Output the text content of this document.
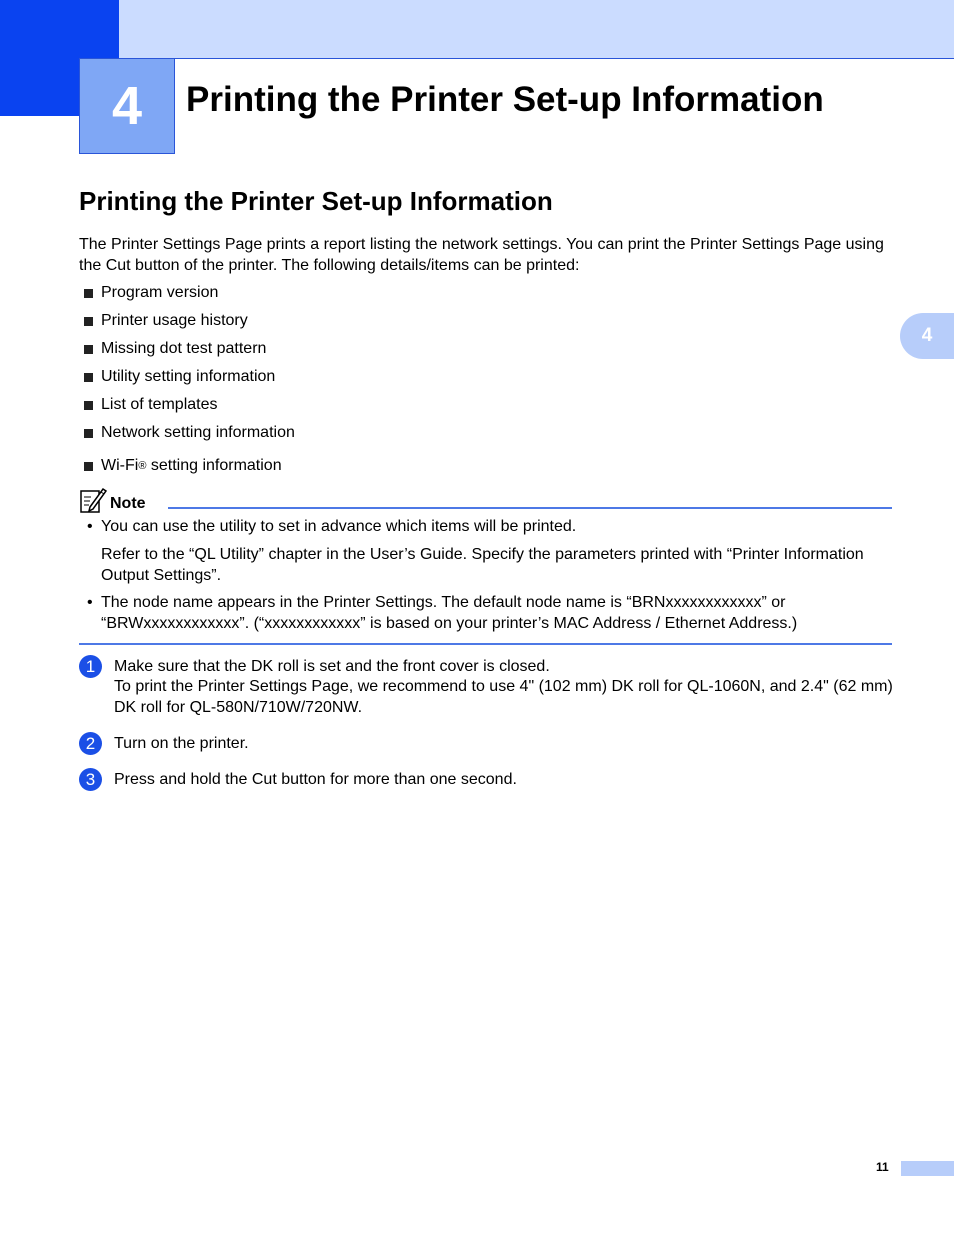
4	Printing the Printer Set-up Information
4
Printing the Printer Set-up Information

The Printer Settings Page prints a report listing the network settings. You can print the Printer Settings Page using the Cut button of the printer. The following details/items can be printed:

Program version
Printer usage history
Missing dot test pattern
Utility setting information
List of templates
Network setting information
Wi-Fi ® setting information
Note
• You can use the utility to set in advance which items will be printed.

Refer to the “QL Utility” chapter in the User’s Guide. Specify the parameters printed with “Printer Information Output Settings”.

• The node name appears in the Printer Settings. The default node name is “BRNxxxxxxxxxxxx” or “BRWxxxxxxxxxxxx”. (“xxxxxxxxxxxx” is based on your printer’s MAC Address / Ethernet Address.)

1	Make sure that the DK roll is set and the front cover is closed.

To print the Printer Settings Page, we recommend to use 4" (102 mm) DK roll for QL-1060N, and 2.4" (62 mm) DK roll for QL-580N/710W/720NW.

2	Turn on the printer.

3	Press and hold the Cut button for more than one second.

11
